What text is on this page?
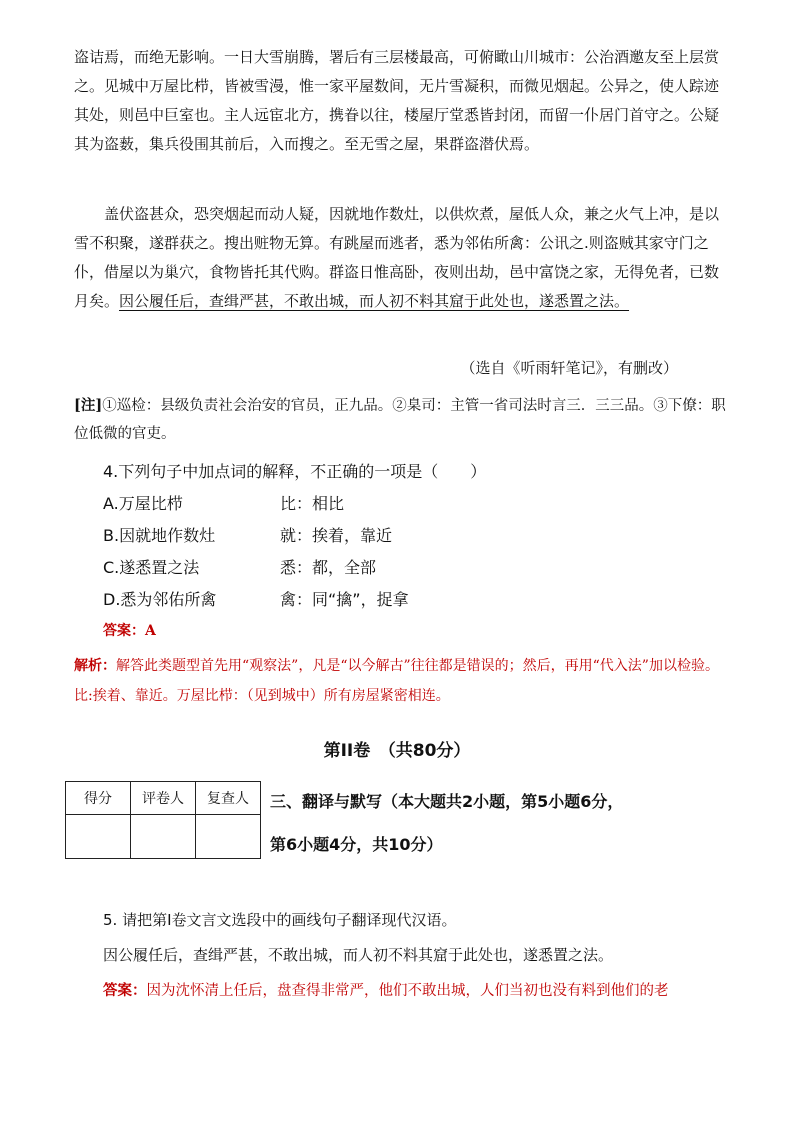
盗诘焉，而绝无影响。一日大雪崩腾，署后有三层楼最高，可俯瞰山川城市：公治酒邀友至上层赏之。见城中万屋比栉，皆被雪漫，惟一家平屋数间，无片雪凝积，而微见烟起。公异之，使人踪迹其处，则邑中巨室也。主人远宦北方，携眷以往，楼屋厅堂悉皆封闭，而留一仆居门首守之。公疑其为盗薮，集兵役围其前后，入而搜之。至无雪之屋，果群盗潜伏焉。

盖伏盗甚众，恐突烟起而动人疑，因就地作数灶，以供炊煮，屋低人众，兼之火气上冲，是以雪不积聚，遂群获之。搜出赃物无算。有跳屋而逃者，悉为邻佑所禽：公讯之.则盗贼其家守门之仆，借屋以为巢穴，食物皆托其代购。群盗日惟高卧，夜则出劫，邑中富饶之家，无得免者，已数月矣。因公履任后，查缉严甚，不敢出城，而人初不料其窟于此处也，遂悉置之法。

（选自《听雨轩笔记》，有删改）
[注]①巡检：县级负责社会治安的官员，正九品。②臬司：主管一省司法时言三．三三品。③下僚：职位低微的官吏。
4.下列句子中加点词的解释，不正确的一项是（　　）
A.万屋比栉	比：相比
B.因就地作数灶	就：挨着，靠近
C.遂悉置之法	悉：都，全部
D.悉为邻佑所禽	禽：同“擒”，捉拿
答案：A
解析：解答此类题型首先用“观察法”，凡是“以今解古”往往都是错误的；然后，再用“代入法”加以检验。比:挨着、靠近。万屋比栉：（见到城中）所有房屋紧密相连。
第II卷　（共80分）
得分	评卷人	复查人
		三、翻译与默写（本大题共2小题，第5小题6分，
第6小题4分，共10分）
5. 请把第I卷文言文选段中的画线句子翻译现代汉语。
因公履任后，查缉严甚，不敢出城，而人初不料其窟于此处也，遂悉置之法。
答案：因为沈怀清上任后，盘查得非常严，他们不敢出城，人们当初也没有料到他们的老
